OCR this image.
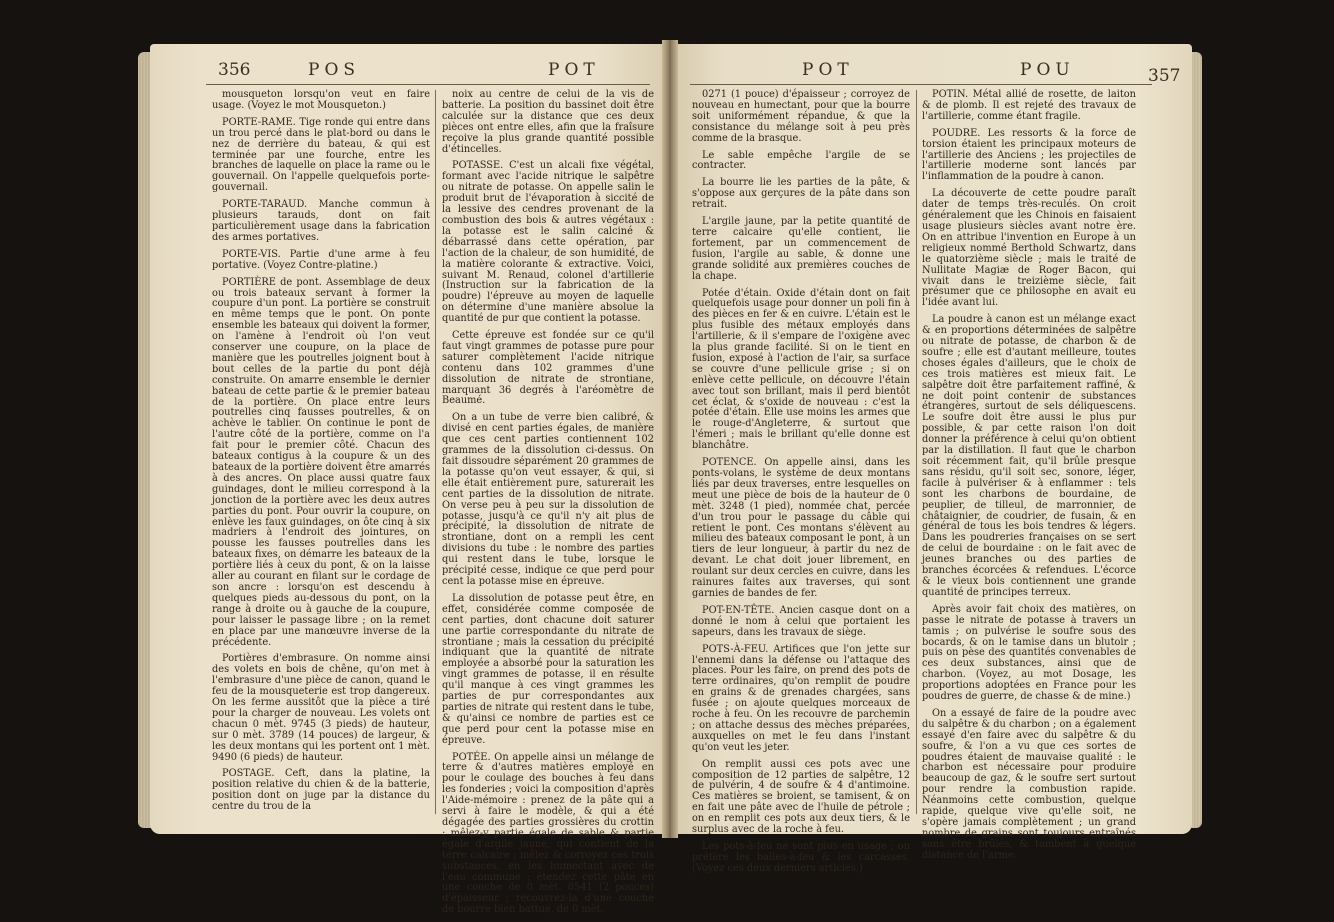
356	POS	POT

mousqueton lorsqu'on veut en faire usage. (Voyez le mot Mousqueton.)

PORTE-RAME. Tige ronde qui entre dans un trou percé dans le plat-bord ou dans le nez de derrière du bateau, & qui est terminée par une fourche, entre les branches de laquelle on place la rame ou le gouvernail. On l'appelle quelquefois porte-gouvernail.

PORTE-TARAUD. Manche commun à plusieurs tarauds, dont on fait particulièrement usage dans la fabrication des armes portatives.

PORTE-VIS. Partie d'une arme à feu portative. (Voyez Contre-platine.)

PORTIÈRE de pont. Assemblage de deux ou trois bateaux servant à former la coupure d'un pont. La portière se construit en même temps que le pont. On ponte ensemble les bateaux qui doivent la former, on l'amène à l'endroit où l'on veut conserver une coupure, on la place de manière que les poutrelles joignent bout à bout celles de la partie du pont déjà construite. On amarre ensemble le dernier bateau de cette partie & le premier bateau de la portière. On place entre leurs poutrelles cinq fausses poutrelles, & on achève le tablier. On continue le pont de l'autre côté de la portière, comme on l'a fait pour le premier côté. Chacun des bateaux contigus à la coupure & un des bateaux de la portière doivent être amarrés à des ancres. On place aussi quatre faux guindages, dont le milieu correspond à la jonction de la portière avec les deux autres parties du pont. Pour ouvrir la coupure, on enlève les faux guindages, on ôte cinq à six madriers à l'endroit des jointures, on pousse les fausses poutrelles dans les bateaux fixes, on démarre les bateaux de la portière liés à ceux du pont, & on la laisse aller au courant en filant sur le cordage de son ancre : lorsqu'on est descendu à quelques pieds au-dessous du pont, on la range à droite ou à gauche de la coupure, pour laisser le passage libre ; on la remet en place par une manœuvre inverse de la précédente.

Portières d'embrasure. On nomme ainsi des volets en bois de chêne, qu'on met à l'embrasure d'une pièce de canon, quand le feu de la mousqueterie est trop dangereux. On les ferme aussitôt que la pièce a tiré pour la charger de nouveau. Les volets ont chacun 0 mèt. 9745 (3 pieds) de hauteur, sur 0 mèt. 3789 (14 pouces) de largeur, & les deux montans qui les portent ont 1 mèt. 9490 (6 pieds) de hauteur.

POSTAGE. Ceft, dans la platine, la position relative du chien & de la batterie, position dont on juge par la distance du centre du trou de la

noix au centre de celui de la vis de batterie. La position du bassinet doit être calculée sur la distance que ces deux pièces ont entre elles, afin que la fraîsure reçoive la plus grande quantité possible d'étincelles.

POTASSE. C'est un alcali fixe végétal, formant avec l'acide nitrique le salpêtre ou nitrate de potasse. On appelle salin le produit brut de l'évaporation à siccité de la lessive des cendres provenant de la combustion des bois & autres végétaux : la potasse est le salin calciné & débarrassé dans cette opération, par l'action de la chaleur, de son humidité, de la matière colorante & extractive. Voici, suivant M. Renaud, colonel d'artillerie (Instruction sur la fabrication de la poudre) l'épreuve au moyen de laquelle on détermine d'une manière absolue la quantité de pur que contient la potasse.

Cette épreuve est fondée sur ce qu'il faut vingt grammes de potasse pure pour saturer complètement l'acide nitrique contenu dans 102 grammes d'une dissolution de nitrate de strontiane, marquant 36 degrés à l'aréomètre de Beaumé.

On a un tube de verre bien calibré, & divisé en cent parties égales, de manière que ces cent parties contiennent 102 grammes de la dissolution ci-dessus. On fait dissoudre séparément 20 grammes de la potasse qu'on veut essayer, & qui, si elle était entièrement pure, saturerait les cent parties de la dissolution de nitrate. On verse peu à peu sur la dissolution de potasse, jusqu'à ce qu'il n'y ait plus de précipité, la dissolution de nitrate de strontiane, dont on a rempli les cent divisions du tube : le nombre des parties qui restent dans le tube, lorsque le précipité cesse, indique ce que perd pour cent la potasse mise en épreuve.

La dissolution de potasse peut être, en effet, considérée comme composée de cent parties, dont chacune doit saturer une partie correspondante du nitrate de strontiane ; mais la cessation du précipité indiquant que la quantité de nitrate employée a absorbé pour la saturation les vingt grammes de potasse, il en résulte qu'il manque à ces vingt grammes les parties de pur correspondantes aux parties de nitrate qui restent dans le tube, & qu'ainsi ce nombre de parties est ce que perd pour cent la potasse mise en épreuve.

POTÉE. On appelle ainsi un mélange de terre & d'autres matières employé en pour le coulage des bouches à feu dans les fonderies ; voici la composition d'après l'Aide-mémoire : prenez de la pâte qui a servi à faire le modèle, & qui a été dégagée des parties grossières du crottin ; mêlez-y partie égale de sable & partie égale d'argile jaune, qui contient de la terre calcaire ; mêlez & corroyez ces trois substances, en les humectant avec de l'eau commune ; étendez cette pâte en une couche de 0 mèt. 0541 (2 pouces) d'épaisseur ; recouvrez-la d'une couche de bourre bien battue, de 0 mèt.

POT	POU	357

0271 (1 pouce) d'épaisseur ; corroyez de nouveau en humectant, pour que la bourre soit uniformément répandue, & que la consistance du mélange soit à peu près comme de la brasque.

Le sable empêche l'argile de se contracter.

La bourre lie les parties de la pâte, & s'oppose aux gerçures de la pâte dans son retrait.

L'argile jaune, par la petite quantité de terre calcaire qu'elle contient, lie fortement, par un commencement de fusion, l'argile au sable, & donne une grande solidité aux premières couches de la chape.

Potée d'étain. Oxide d'étain dont on fait quelquefois usage pour donner un poli fin à des pièces en fer & en cuivre. L'étain est le plus fusible des métaux employés dans l'artillerie, & il s'empare de l'oxigène avec la plus grande facilité. Si on le tient en fusion, exposé à l'action de l'air, sa surface se couvre d'une pellicule grise ; si on enlève cette pellicule, on découvre l'étain avec tout son brillant, mais il perd bientôt cet éclat, & s'oxide de nouveau : c'est la potée d'étain. Elle use moins les armes que le rouge-d'Angleterre, & surtout que l'émeri ; mais le brillant qu'elle donne est blanchâtre.

POTENCE. On appelle ainsi, dans les ponts-volans, le système de deux montans liés par deux traverses, entre lesquelles on meut une pièce de bois de la hauteur de 0 mèt. 3248 (1 pied), nommée chat, percée d'un trou pour le passage du câble qui retient le pont. Ces montans s'élèvent au milieu des bateaux composant le pont, à un tiers de leur longueur, à partir du nez de devant. Le chat doit jouer librement, en roulant sur deux cercles en cuivre, dans les rainures faites aux traverses, qui sont garnies de bandes de fer.

POT-EN-TÊTE. Ancien casque dont on a donné le nom à celui que portaient les sapeurs, dans les travaux de siège.

POTS-À-FEU. Artifices que l'on jette sur l'ennemi dans la défense ou l'attaque des places. Pour les faire, on prend des pots de terre ordinaires, qu'on remplit de poudre en grains & de grenades chargées, sans fusée ; on ajoute quelques morceaux de roche à feu. On les recouvre de parchemin ; on attache dessus des mèches préparées, auxquelles on met le feu dans l'instant qu'on veut les jeter.

On remplit aussi ces pots avec une composition de 12 parties de salpêtre, 12 de pulvérin, 4 de soufre & 4 d'antimoine. Ces matières se broient, se tamisent, & on en fait une pâte avec de l'huile de pétrole ; on en remplit ces pots aux deux tiers, & le surplus avec de la roche à feu.

Les pots-à-feu ne sont plus en usage ; on préfère les balles-à-feu & les carcasses. (Voyez ces deux derniers articles.)

POTIN. Métal allié de rosette, de laiton & de plomb. Il est rejeté des travaux de l'artillerie, comme étant fragile.

POUDRE. Les ressorts & la force de torsion étaient les principaux moteurs de l'artillerie des Anciens ; les projectiles de l'artillerie moderne sont lancés par l'inflammation de la poudre à canon.

La découverte de cette poudre paraît dater de temps très-reculés. On croit généralement que les Chinois en faisaient usage plusieurs siècles avant notre ère. On en attribue l'invention en Europe à un religieux nommé Berthold Schwartz, dans le quatorzième siècle ; mais le traité de Nullitate Magiæ de Roger Bacon, qui vivait dans le treizième siècle, fait présumer que ce philosophe en avait eu l'idée avant lui.

La poudre à canon est un mélange exact & en proportions déterminées de salpêtre ou nitrate de potasse, de charbon & de soufre ; elle est d'autant meilleure, toutes choses égales d'ailleurs, que le choix de ces trois matières est mieux fait. Le salpêtre doit être parfaitement raffiné, & ne doit point contenir de substances étrangères, surtout de sels déliquescens. Le soufre doit être aussi le plus pur possible, & par cette raison l'on doit donner la préférence à celui qu'on obtient par la distillation. Il faut que le charbon soit récemment fait, qu'il brûle presque sans résidu, qu'il soit sec, sonore, léger, facile à pulvériser & à enflammer : tels sont les charbons de bourdaine, de peuplier, de tilleul, de marronnier, de châtaignier, de coudrier, de fusain, & en général de tous les bois tendres & légers. Dans les poudreries françaises on se sert de celui de bourdaine : on le fait avec de jeunes branches ou des parties de branches écorcées & refendues. L'écorce & le vieux bois contiennent une grande quantité de principes terreux.

Après avoir fait choix des matières, on passe le nitrate de potasse à travers un tamis ; on pulvérise le soufre sous des bocards, & on le tamise dans un blutoir ; puis on pèse des quantités convenables de ces deux substances, ainsi que de charbon. (Voyez, au mot Dosage, les proportions adoptées en France pour les poudres de guerre, de chasse & de mine.)

On a essayé de faire de la poudre avec du salpêtre & du charbon ; on a également essayé d'en faire avec du salpêtre & du soufre, & l'on a vu que ces sortes de poudres étaient de mauvaise qualité : le charbon est nécessaire pour produire beaucoup de gaz, & le soufre sert surtout pour rendre la combustion rapide. Néanmoins cette combustion, quelque rapide, quelque vive qu'elle soit, ne s'opère jamais complètement ; un grand nombre de grains sont toujours entraînés sans être brûlés, & tombent à quelque distance de l'arme.
